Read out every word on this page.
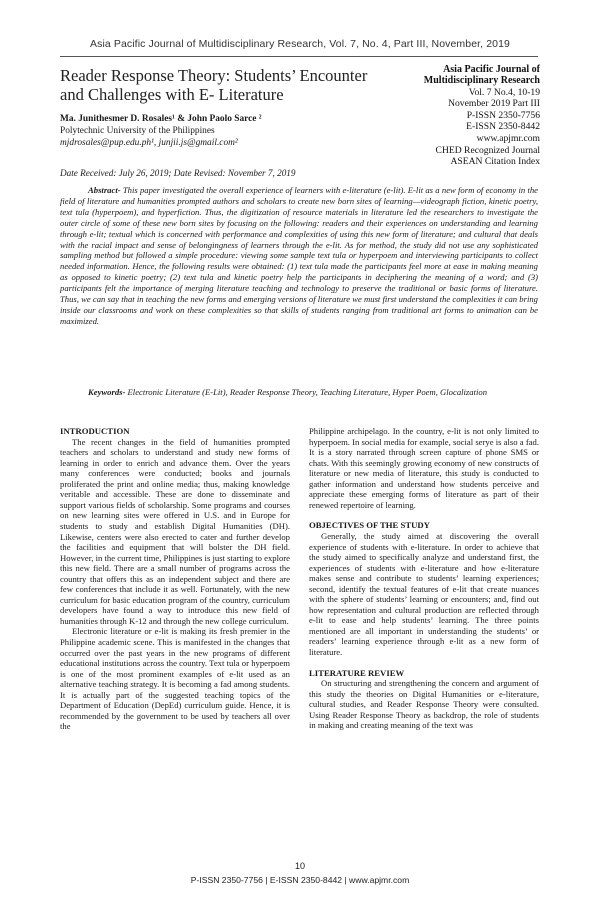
Asia Pacific Journal of Multidisciplinary Research, Vol. 7, No. 4, Part III, November, 2019
Reader Response Theory: Students’ Encounter and Challenges with E- Literature
Asia Pacific Journal of Multidisciplinary Research
Vol. 7 No.4, 10-19
November 2019 Part III
P-ISSN 2350-7756
E-ISSN 2350-8442
www.apjmr.com
CHED Recognized Journal
ASEAN Citation Index
Ma. Junithesmer D. Rosales¹ & John Paolo Sarce ²
Polytechnic University of the Philippines
mjdrosales@pup.edu.ph¹, junjii.js@gmail.com²
Date Received: July 26, 2019; Date Revised: November 7, 2019

Abstract- This paper investigated the overall experience of learners with e-literature (e-lit). E-lit as a new form of economy in the field of literature and humanities prompted authors and scholars to create new born sites of learning—videograph fiction, kinetic poetry, text tula (hyperpoem), and hyperfiction. Thus, the digitization of resource materials in literature led the researchers to investigate the outer circle of some of these new born sites by focusing on the following: readers and their experiences on understanding and learning through e-lit; textual which is concerned with performance and complexities of using this new form of literature; and cultural that deals with the racial impact and sense of belongingness of learners through the e-lit. As for method, the study did not use any sophisticated sampling method but followed a simple procedure: viewing some sample text tula or hyperpoem and interviewing participants to collect needed information. Hence, the following results were obtained: (1) text tula made the participants feel more at ease in making meaning as opposed to kinetic poetry; (2) text tula and kinetic poetry help the participants in deciphering the meaning of a word; and (3) participants felt the importance of merging literature teaching and technology to preserve the traditional or basic forms of literature. Thus, we can say that in teaching the new forms and emerging versions of literature we must first understand the complexities it can bring inside our classrooms and work on these complexities so that skills of students ranging from traditional art forms to animation can be maximized.

Keywords- Electronic Literature (E-Lit), Reader Response Theory, Teaching Literature, Hyper Poem, Glocalization

INTRODUCTION

The recent changes in the field of humanities prompted teachers and scholars to understand and study new forms of learning in order to enrich and advance them. Over the years many conferences were conducted; books and journals proliferated the print and online media; thus, making knowledge veritable and accessible. These are done to disseminate and support various fields of scholarship. Some programs and courses on new learning sites were offered in U.S. and in Europe for students to study and establish Digital Humanities (DH). Likewise, centers were also erected to cater and further develop the facilities and equipment that will bolster the DH field. However, in the current time, Philippines is just starting to explore this new field. There are a small number of programs across the country that offers this as an independent subject and there are few conferences that include it as well. Fortunately, with the new curriculum for basic education program of the country, curriculum developers have found a way to introduce this new field of humanities through K-12 and through the new college curriculum.

Electronic literature or e-lit is making its fresh premier in the Philippine academic scene. This is manifested in the changes that occurred over the past years in the new programs of different educational institutions across the country. Text tula or hyperpoem is one of the most prominent examples of e-lit used as an alternative teaching strategy. It is becoming a fad among students. It is actually part of the suggested teaching topics of the Department of Education (DepEd) curriculum guide. Hence, it is recommended by the government to be used by teachers all over the

Philippine archipelago. In the country, e-lit is not only limited to hyperpoem. In social media for example, social serye is also a fad. It is a story narrated through screen capture of phone SMS or chats. With this seemingly growing economy of new constructs of literature or new media of literature, this study is conducted to gather information and understand how students perceive and appreciate these emerging forms of literature as part of their renewed repertoire of learning.

OBJECTIVES OF THE STUDY

Generally, the study aimed at discovering the overall experience of students with e-literature. In order to achieve that the study aimed to specifically analyze and understand first, the experiences of students with e-literature and how e-literature makes sense and contribute to students’ learning experiences; second, identify the textual features of e-lit that create nuances with the sphere of students’ learning or encounters; and, find out how representation and cultural production are reflected through e-lit to ease and help students’ learning. The three points mentioned are all important in understanding the students’ or readers’ learning experience through e-lit as a new form of literature.

LITERATURE REVIEW

On structuring and strengthening the concern and argument of this study the theories on Digital Humanities or e-literature, cultural studies, and Reader Response Theory were consulted. Using Reader Response Theory as backdrop, the role of students in making and creating meaning of the text was

10
P-ISSN 2350-7756 | E-ISSN 2350-8442 | www.apjmr.com
